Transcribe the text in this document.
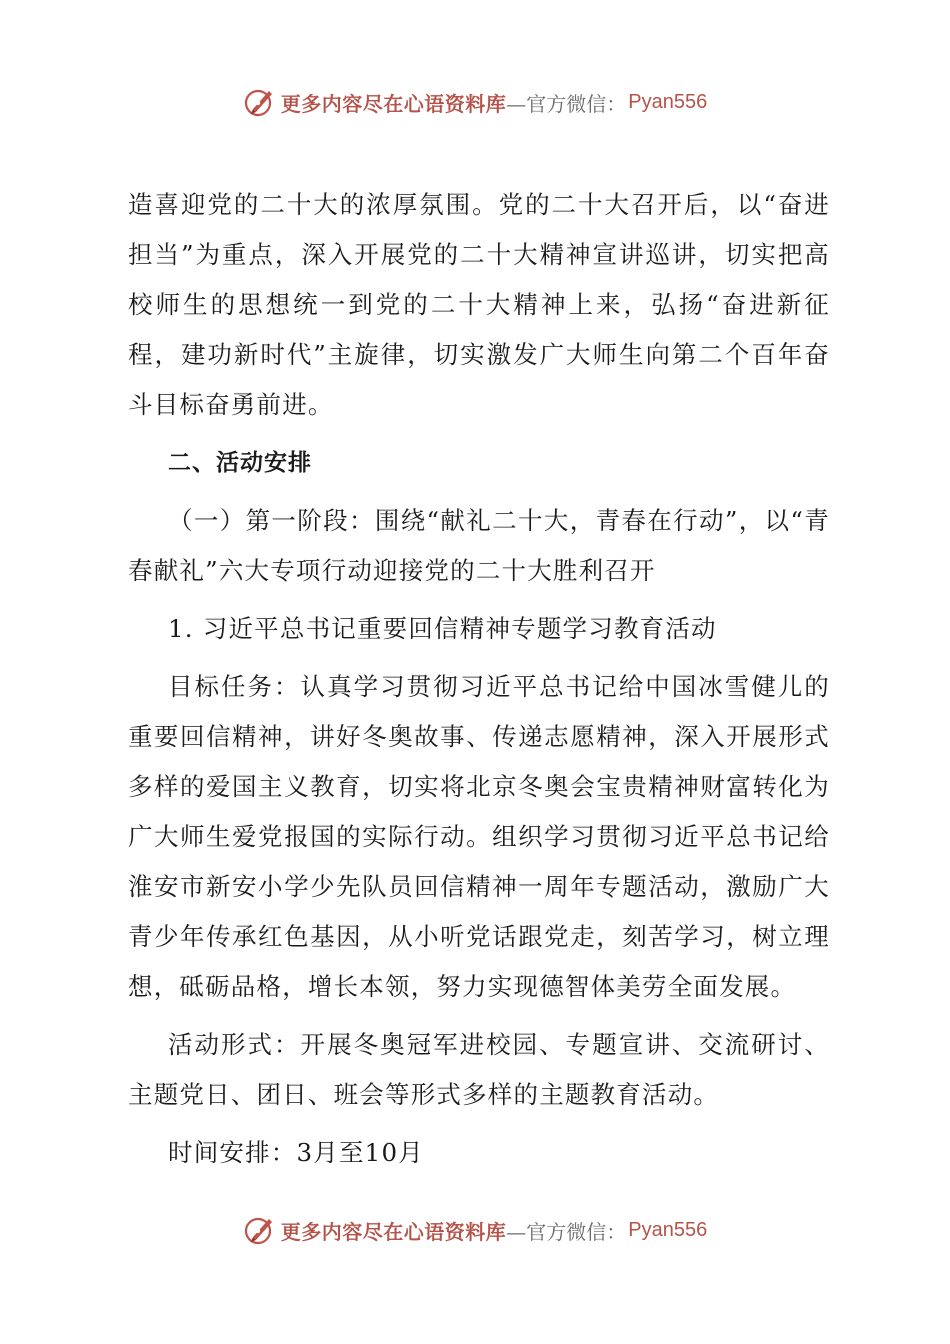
更多内容尽在心语资料库 —官方微信： Pyan556

造喜迎党的二十大的浓厚氛围。党的二十大召开后，以“奋进担当”为重点，深入开展党的二十大精神宣讲巡讲，切实把高校师生的思想统一到党的二十大精神上来，弘扬“奋进新征程，建功新时代”主旋律，切实激发广大师生向第二个百年奋斗目标奋勇前进。

二、活动安排

（一）第一阶段：围绕“献礼二十大，青春在行动”，以“青春献礼”六大专项行动迎接党的二十大胜利召开

1. 习近平总书记重要回信精神专题学习教育活动

目标任务：认真学习贯彻习近平总书记给中国冰雪健儿的重要回信精神，讲好冬奥故事、传递志愿精神，深入开展形式多样的爱国主义教育，切实将北京冬奥会宝贵精神财富转化为广大师生爱党报国的实际行动。组织学习贯彻习近平总书记给淮安市新安小学少先队员回信精神一周年专题活动，激励广大青少年传承红色基因，从小听党话跟党走，刻苦学习，树立理想，砥砺品格，增长本领，努力实现德智体美劳全面发展。

活动形式：开展冬奥冠军进校园、专题宣讲、交流研讨、主题党日、团日、班会等形式多样的主题教育活动。

时间安排：3月至10月

更多内容尽在心语资料库 —官方微信： Pyan556
